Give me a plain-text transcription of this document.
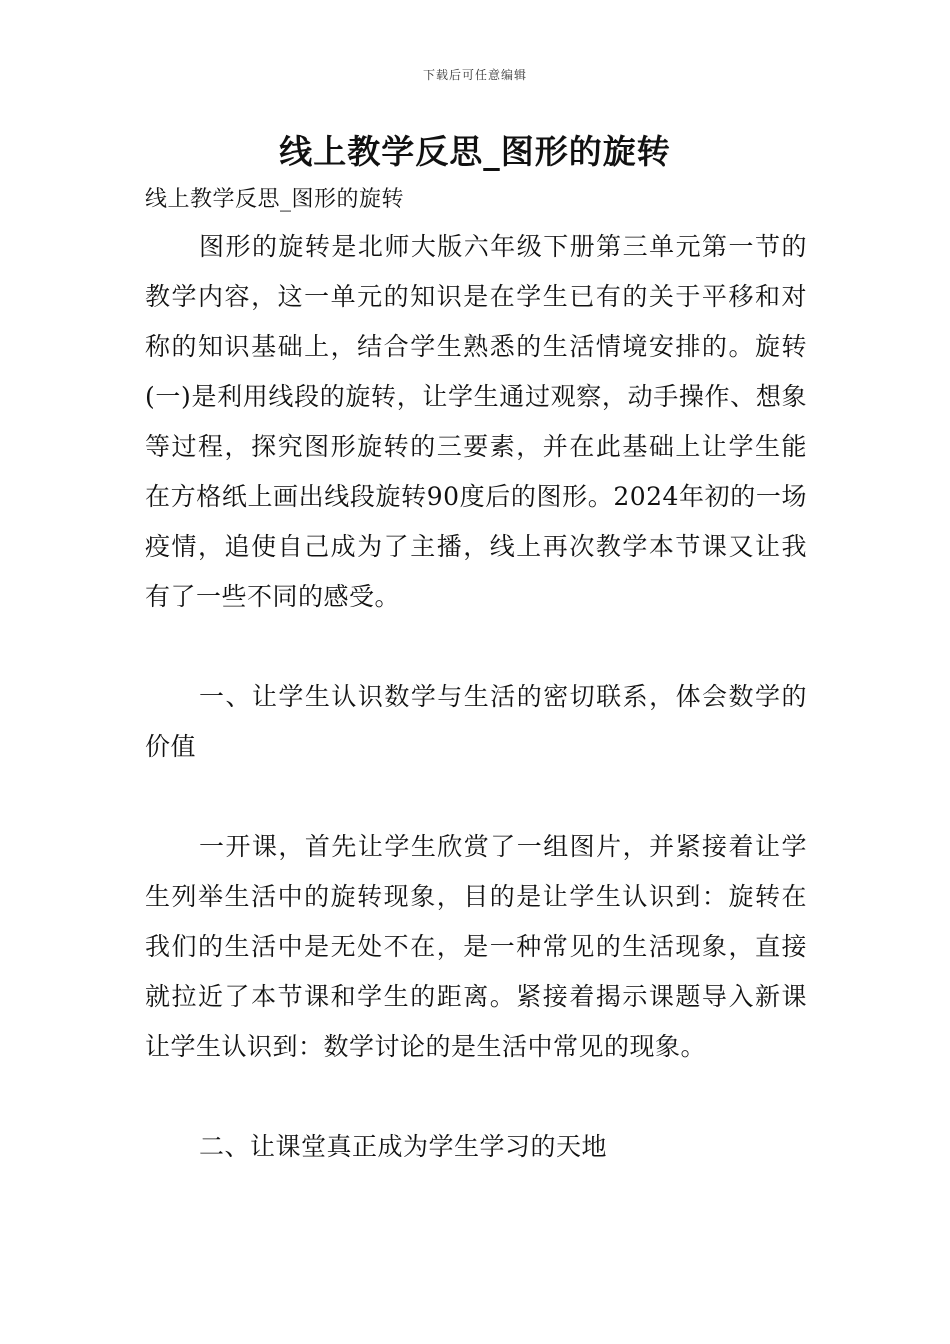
下载后可任意编辑
线上教学反思_图形的旋转

线上教学反思_图形的旋转

图形的旋转是北师大版六年级下册第三单元第一节的教学内容，这一单元的知识是在学生已有的关于平移和对称的知识基础上，结合学生熟悉的生活情境安排的。旋转(一)是利用线段的旋转，让学生通过观察，动手操作、想象等过程，探究图形旋转的三要素，并在此基础上让学生能在方格纸上画出线段旋转90度后的图形。2024年初的一场疫情，追使自己成为了主播，线上再次教学本节课又让我有了一些不同的感受。

一、让学生认识数学与生活的密切联系，体会数学的价值

一开课，首先让学生欣赏了一组图片，并紧接着让学生列举生活中的旋转现象，目的是让学生认识到：旋转在我们的生活中是无处不在，是一种常见的生活现象，直接就拉近了本节课和学生的距离。紧接着揭示课题导入新课让学生认识到：数学讨论的是生活中常见的现象。

二、让课堂真正成为学生学习的天地
